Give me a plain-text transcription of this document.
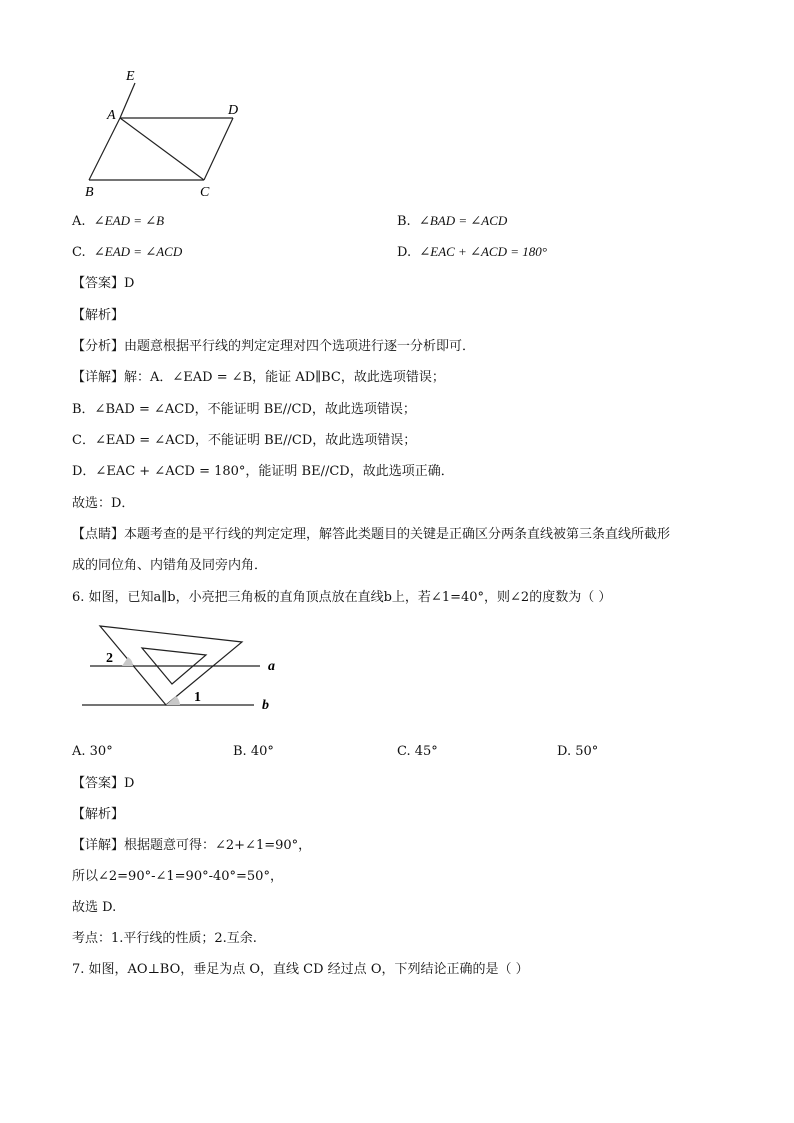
E
A	D
B	C
A. ∠EAD = ∠B	B. ∠BAD = ∠ACD
C. ∠EAD = ∠ACD	D. ∠EAC + ∠ACD = 180°
【答案】D
【解析】
【分析】由题意根据平行线的判定定理对四个选项进行逐一分析即可．
【详解】解：A．∠EAD = ∠B，能证 AD∥BC，故此选项错误；
B．∠BAD = ∠ACD，不能证明 BE//CD，故此选项错误；
C．∠EAD = ∠ACD，不能证明 BE//CD，故此选项错误；
D．∠EAC + ∠ACD = 180°，能证明 BE//CD，故此选项正确．
故选：D．
【点睛】本题考查的是平行线的判定定理，解答此类题目的关键是正确区分两条直线被第三条直线所截形
成的同位角、内错角及同旁内角．
6. 如图，已知a∥b，小亮把三角板的直角顶点放在直线b上，若∠1=40°，则∠2的度数为（ ）
2
1
a
b
A. 30°	B. 40°	C. 45°	D. 50°
【答案】D
【解析】
【详解】根据题意可得：∠2+∠1=90°，
所以∠2=90°-∠1=90°-40°=50°，
故选 D.
考点：1.平行线的性质；2.互余.
7. 如图，AO⊥BO，垂足为点 O，直线 CD 经过点 O，下列结论正确的是（ ）
